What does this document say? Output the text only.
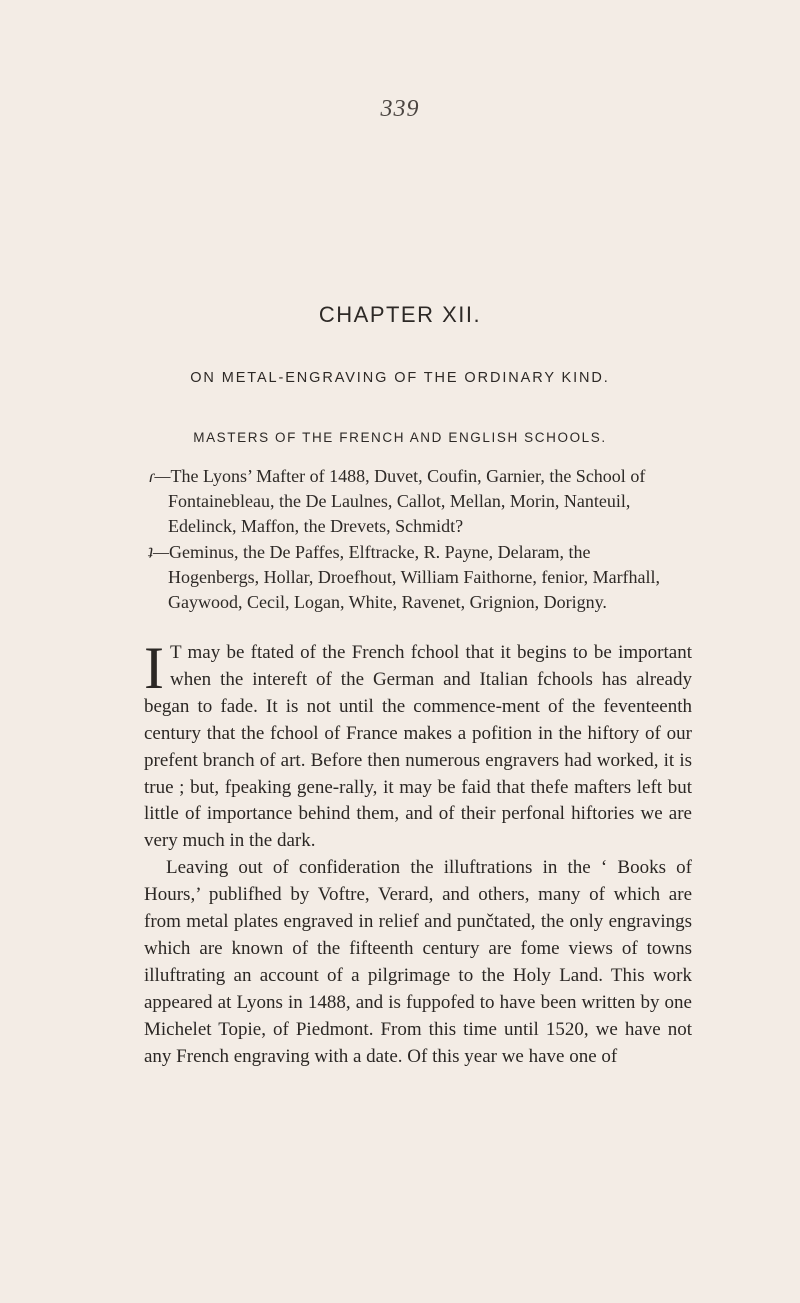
339
CHAPTER XII.
ON METAL-ENGRAVING OF THE ORDINARY KIND.
MASTERS OF THE FRENCH AND ENGLISH SCHOOLS.
ɾ—The Lyons’ Mafter of 1488, Duvet, Coufin, Garnier, the School of Fontainebleau, the De Laulnes, Callot, Mellan, Morin, Nanteuil, Edelinck, Maffon, the Drevets, Schmidt?
ʇ—Geminus, the De Paffes, Elftracke, R. Payne, Delaram, the Hogenbergs, Hollar, Droefhout, William Faithorne, fenior, Marfhall, Gaywood, Cecil, Logan, White, Ravenet, Grignion, Dorigny.

IT may be ftated of the French fchool that it begins to be important when the intereft of the German and Italian fchools has already began to fade. It is not until the commence-ment of the feventeenth century that the fchool of France makes a pofition in the hiftory of our prefent branch of art. Before then numerous engravers had worked, it is true ; but, fpeaking gene-rally, it may be faid that thefe mafters left but little of importance behind them, and of their perfonal hiftories we are very much in the dark.

Leaving out of confideration the illuftrations in the ‘ Books of Hours,’ publifhed by Voftre, Verard, and others, many of which are from metal plates engraved in relief and punčtated, the only engravings which are known of the fifteenth century are fome views of towns illuftrating an account of a pilgrimage to the Holy Land. This work appeared at Lyons in 1488, and is fuppofed to have been written by one Michelet Topie, of Piedmont. From this time until 1520, we have not any French engraving with a date. Of this year we have one of
